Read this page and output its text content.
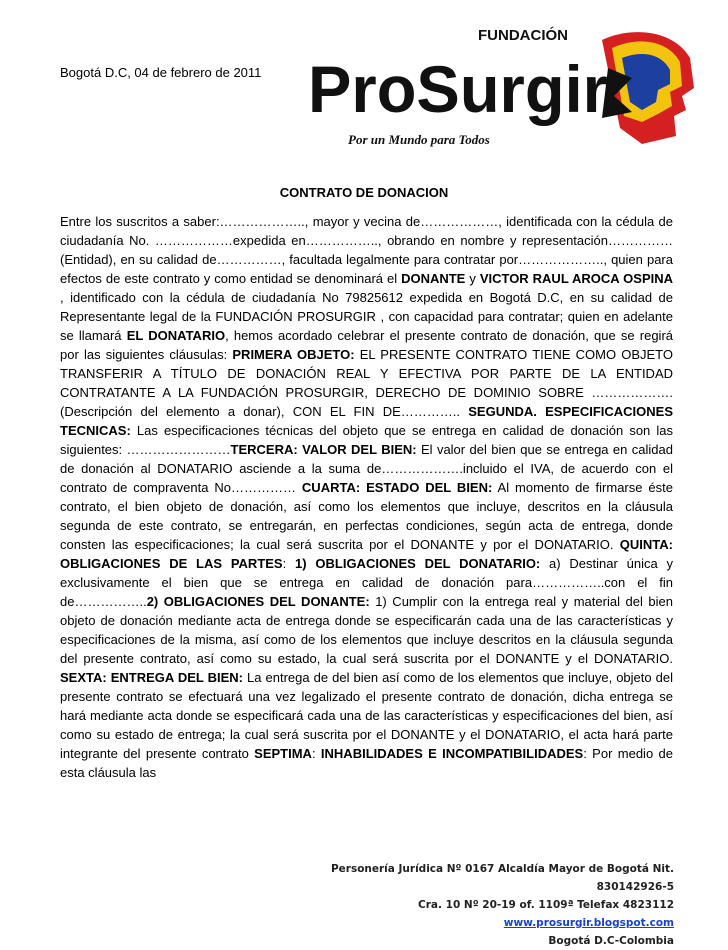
Bogotá D.C, 04 de febrero de 2011
FUNDACIÓN
ProSurgir
Por un Mundo para Todos
CONTRATO DE DONACION

Entre los suscritos a saber:……………….., mayor y vecina de………………, identificada con la cédula de ciudadanía No. ………………expedida en…………….., obrando en nombre y representación……………(Entidad), en su calidad de……………, facultada legalmente para contratar por……………….., quien para efectos de este contrato y como entidad se denominará el DONANTE y VICTOR RAUL AROCA OSPINA , identificado con la cédula de ciudadanía No 79825612 expedida en Bogotá D.C, en su calidad de Representante legal de la FUNDACIÓN PROSURGIR , con capacidad para contratar; quien en adelante se llamará EL DONATARIO, hemos acordado celebrar el presente contrato de donación, que se regirá por las siguientes cláusulas: PRIMERA OBJETO: EL PRESENTE CONTRATO TIENE COMO OBJETO TRANSFERIR A TÍTULO DE DONACIÓN REAL Y EFECTIVA POR PARTE DE LA ENTIDAD CONTRATANTE A LA FUNDACIÓN PROSURGIR, DERECHO DE DOMINIO SOBRE ……………….(Descripción del elemento a donar), CON EL FIN DE………….. SEGUNDA. ESPECIFICACIONES TECNICAS: Las especificaciones técnicas del objeto que se entrega en calidad de donación son las siguientes: ……………………TERCERA: VALOR DEL BIEN: El valor del bien que se entrega en calidad de donación al DONATARIO asciende a la suma de……………….incluido el IVA, de acuerdo con el contrato de compraventa No…………… CUARTA: ESTADO DEL BIEN: Al momento de firmarse éste contrato, el bien objeto de donación, así como los elementos que incluye, descritos en la cláusula segunda de este contrato, se entregarán, en perfectas condiciones, según acta de entrega, donde consten las especificaciones; la cual será suscrita por el DONANTE y por el DONATARIO. QUINTA: OBLIGACIONES DE LAS PARTES: 1) OBLIGACIONES DEL DONATARIO: a) Destinar única y exclusivamente el bien que se entrega en calidad de donación para……………..con el fin de……………..2) OBLIGACIONES DEL DONANTE: 1) Cumplir con la entrega real y material del bien objeto de donación mediante acta de entrega donde se especificarán cada una de las características y especificaciones de la misma, así como de los elementos que incluye descritos en la cláusula segunda del presente contrato, así como su estado, la cual será suscrita por el DONANTE y el DONATARIO. SEXTA: ENTREGA DEL BIEN: La entrega de del bien así como de los elementos que incluye, objeto del presente contrato se efectuará una vez legalizado el presente contrato de donación, dicha entrega se hará mediante acta donde se especificará cada una de las características y especificaciones del bien, así como su estado de entrega; la cual será suscrita por el DONANTE y el DONATARIO, el acta hará parte integrante del presente contrato SEPTIMA: INHABILIDADES E INCOMPATIBILIDADES: Por medio de esta cláusula las

Personería Jurídica Nº 0167 Alcaldía Mayor de Bogotá Nit. 830142926-5
Cra. 10 Nº 20-19 of. 1109ª Telefax 4823112 www.prosurgir.blogspot.com
Bogotá D.C-Colombia
